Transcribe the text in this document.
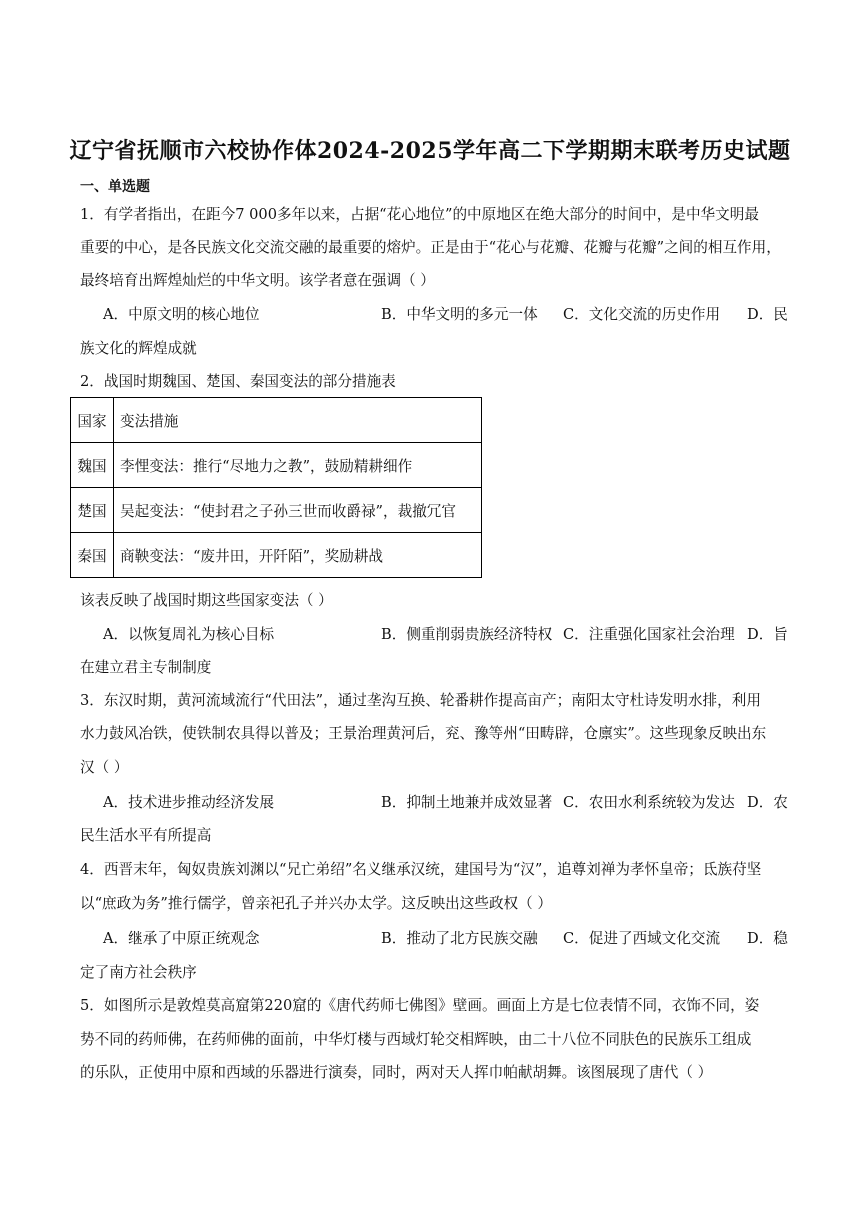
辽宁省抚顺市六校协作体2024-2025学年高二下学期期末联考历史试题
一、单选题
1．有学者指出，在距今7 000多年以来，占据“花心地位”的中原地区在绝大部分的时间中，是中华文明最
重要的中心，是各民族文化交流交融的最重要的熔炉。正是由于“花心与花瓣、花瓣与花瓣”之间的相互作用，
最终培育出辉煌灿烂的中华文明。该学者意在强调（ ）
A．中原文明的核心地位	B．中华文明的多元一体 C．文化交流的历史作用 D．民
族文化的辉煌成就
2．战国时期魏国、楚国、秦国变法的部分措施表
国家	变法措施
魏国	李悝变法：推行“尽地力之教”，鼓励精耕细作
楚国	吴起变法：“使封君之子孙三世而收爵禄”，裁撤冗官
秦国	商鞅变法：“废井田，开阡陌”，奖励耕战
该表反映了战国时期这些国家变法（ ）
A．以恢复周礼为核心目标	B．侧重削弱贵族经济特权 C．注重强化国家社会治理 D．旨
在建立君主专制制度
3．东汉时期，黄河流域流行“代田法”，通过垄沟互换、轮番耕作提高亩产；南阳太守杜诗发明水排，利用
水力鼓风冶铁，使铁制农具得以普及；王景治理黄河后，兖、豫等州“田畴辟，仓廪实”。这些现象反映出东
汉（ ）
A．技术进步推动经济发展	B．抑制土地兼并成效显著 C．农田水利系统较为发达 D．农
民生活水平有所提高
4．西晋末年，匈奴贵族刘渊以“兄亡弟绍”名义继承汉统，建国号为“汉”，追尊刘禅为孝怀皇帝；氐族苻坚
以“庶政为务”推行儒学，曾亲祀孔子并兴办太学。这反映出这些政权（ ）
A．继承了中原正统观念	B．推动了北方民族交融 C．促进了西域文化交流 D．稳
定了南方社会秩序
5．如图所示是敦煌莫高窟第220窟的《唐代药师七佛图》壁画。画面上方是七位表情不同，衣饰不同，姿
势不同的药师佛，在药师佛的面前，中华灯楼与西域灯轮交相辉映，由二十八位不同肤色的民族乐工组成
的乐队，正使用中原和西域的乐器进行演奏，同时，两对天人挥巾帕献胡舞。该图展现了唐代（ ）
